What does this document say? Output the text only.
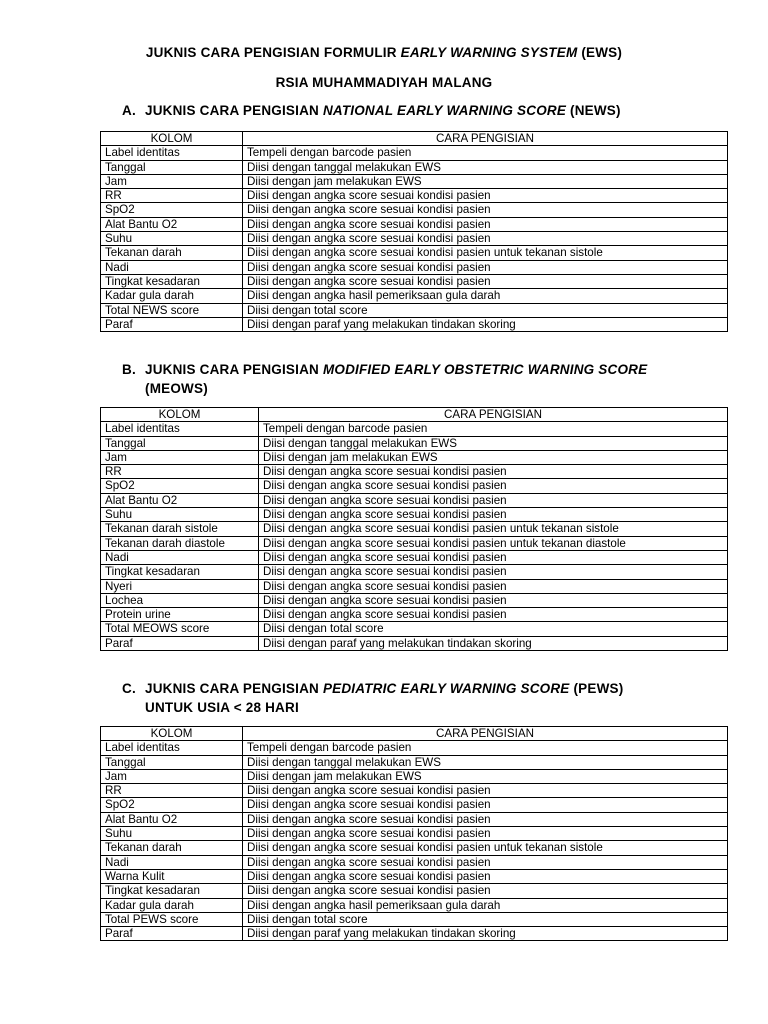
JUKNIS CARA PENGISIAN FORMULIR EARLY WARNING SYSTEM (EWS)
RSIA MUHAMMADIYAH MALANG
A. JUKNIS CARA PENGISIAN NATIONAL EARLY WARNING SCORE (NEWS)
KOLOM	CARA PENGISIAN
Label identitas	Tempeli dengan barcode pasien
Tanggal	Diisi dengan tanggal melakukan EWS
Jam	Diisi dengan jam melakukan EWS
RR	Diisi dengan angka score sesuai kondisi pasien
SpO2	Diisi dengan angka score sesuai kondisi pasien
Alat Bantu O2	Diisi dengan angka score sesuai kondisi pasien
Suhu	Diisi dengan angka score sesuai kondisi pasien
Tekanan darah	Diisi dengan angka score sesuai kondisi pasien untuk tekanan sistole
Nadi	Diisi dengan angka score sesuai kondisi pasien
Tingkat kesadaran	Diisi dengan angka score sesuai kondisi pasien
Kadar gula darah	Diisi dengan angka hasil pemeriksaan gula darah
Total NEWS score	Diisi dengan total score
Paraf	Diisi dengan paraf yang melakukan tindakan skoring
B. JUKNIS CARA PENGISIAN MODIFIED EARLY OBSTETRIC WARNING SCORE
(MEOWS)
KOLOM	CARA PENGISIAN
Label identitas	Tempeli dengan barcode pasien
Tanggal	Diisi dengan tanggal melakukan EWS
Jam	Diisi dengan jam melakukan EWS
RR	Diisi dengan angka score sesuai kondisi pasien
SpO2	Diisi dengan angka score sesuai kondisi pasien
Alat Bantu O2	Diisi dengan angka score sesuai kondisi pasien
Suhu	Diisi dengan angka score sesuai kondisi pasien
Tekanan darah sistole	Diisi dengan angka score sesuai kondisi pasien untuk tekanan sistole
Tekanan darah diastole	Diisi dengan angka score sesuai kondisi pasien untuk tekanan diastole
Nadi	Diisi dengan angka score sesuai kondisi pasien
Tingkat kesadaran	Diisi dengan angka score sesuai kondisi pasien
Nyeri	Diisi dengan angka score sesuai kondisi pasien
Lochea	Diisi dengan angka score sesuai kondisi pasien
Protein urine	Diisi dengan angka score sesuai kondisi pasien
Total MEOWS score	Diisi dengan total score
Paraf	Diisi dengan paraf yang melakukan tindakan skoring
C. JUKNIS CARA PENGISIAN PEDIATRIC EARLY WARNING SCORE (PEWS)
UNTUK USIA < 28 HARI
KOLOM	CARA PENGISIAN
Label identitas	Tempeli dengan barcode pasien
Tanggal	Diisi dengan tanggal melakukan EWS
Jam	Diisi dengan jam melakukan EWS
RR	Diisi dengan angka score sesuai kondisi pasien
SpO2	Diisi dengan angka score sesuai kondisi pasien
Alat Bantu O2	Diisi dengan angka score sesuai kondisi pasien
Suhu	Diisi dengan angka score sesuai kondisi pasien
Tekanan darah	Diisi dengan angka score sesuai kondisi pasien untuk tekanan sistole
Nadi	Diisi dengan angka score sesuai kondisi pasien
Warna Kulit	Diisi dengan angka score sesuai kondisi pasien
Tingkat kesadaran	Diisi dengan angka score sesuai kondisi pasien
Kadar gula darah	Diisi dengan angka hasil pemeriksaan gula darah
Total PEWS score	Diisi dengan total score
Paraf	Diisi dengan paraf yang melakukan tindakan skoring
